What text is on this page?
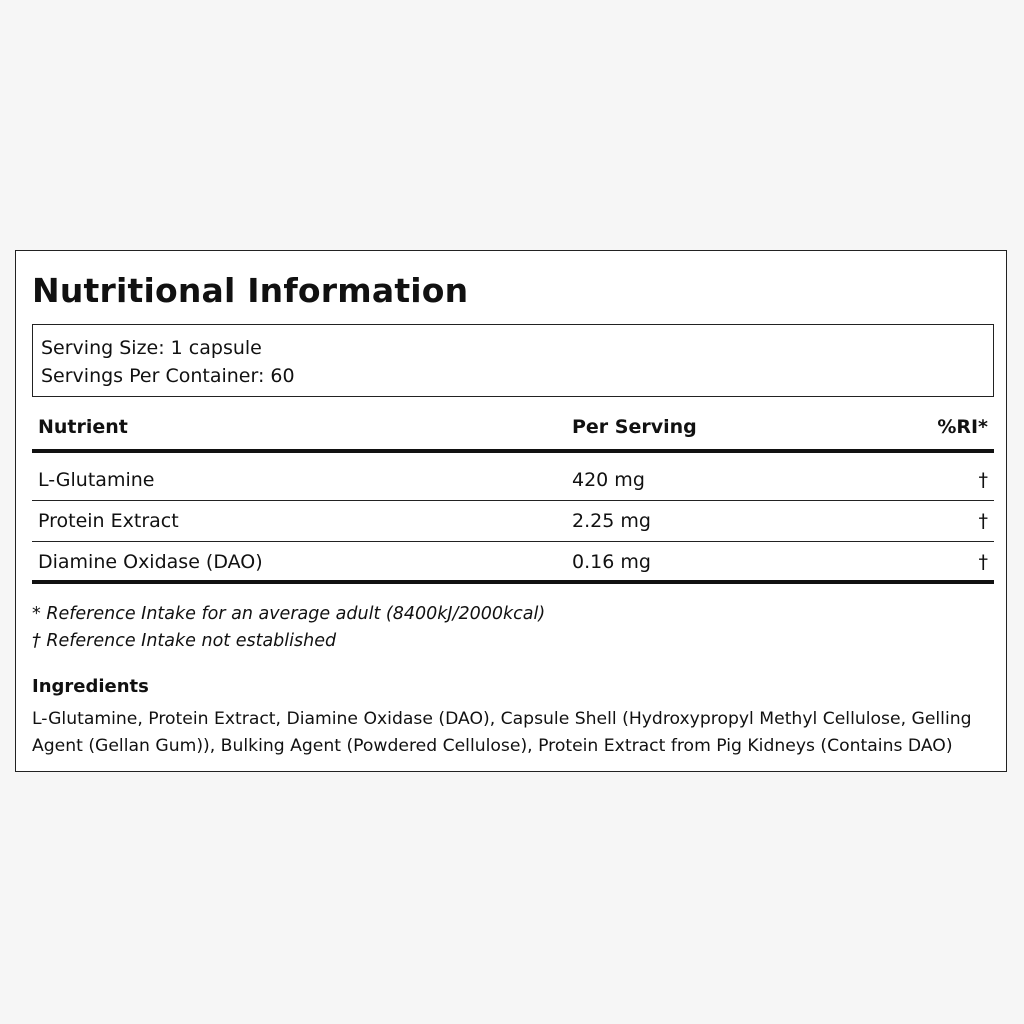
Nutritional Information
Serving Size: 1 capsule
Servings Per Container: 60
Nutrient	Per Serving	%RI*
L-Glutamine	420 mg	†
Protein Extract	2.25 mg	†
Diamine Oxidase (DAO)	0.16 mg	†
* Reference Intake for an average adult (8400kJ/2000kcal)
† Reference Intake not established
Ingredients
L-Glutamine, Protein Extract, Diamine Oxidase (DAO), Capsule Shell (Hydroxypropyl Methyl Cellulose, Gelling Agent (Gellan Gum)), Bulking Agent (Powdered Cellulose), Protein Extract from Pig Kidneys (Contains DAO)
